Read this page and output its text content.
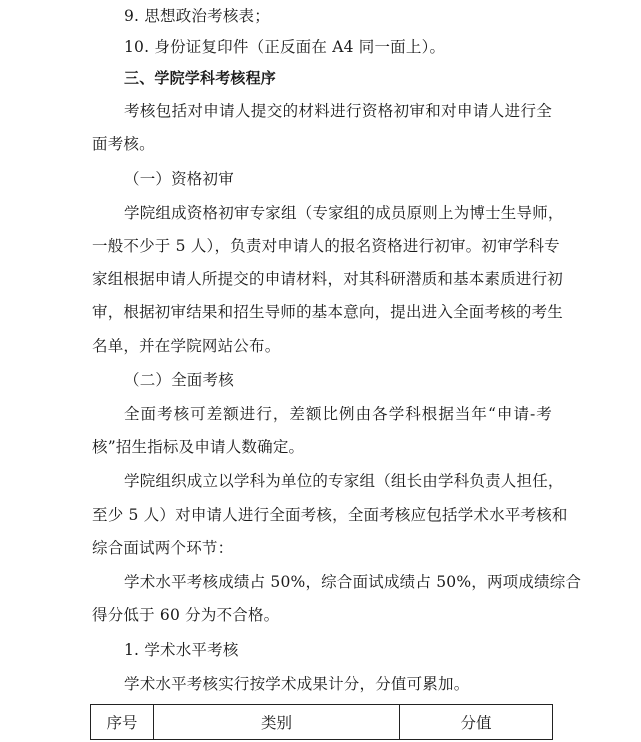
9. 思想政治考核表；
10. 身份证复印件（正反面在 A4 同一面上）。
三、学院学科考核程序
考核包括对申请人提交的材料进行资格初审和对申请人进行全
面考核。
（一）资格初审
学院组成资格初审专家组（专家组的成员原则上为博士生导师，
一般不少于 5 人），负责对申请人的报名资格进行初审。初审学科专
家组根据申请人所提交的申请材料，对其科研潜质和基本素质进行初
审，根据初审结果和招生导师的基本意向，提出进入全面考核的考生
名单，并在学院网站公布。
（二）全面考核
全面考核可差额进行，差额比例由各学科根据当年“申请-考
核”招生指标及申请人数确定。
学院组织成立以学科为单位的专家组（组长由学科负责人担任，
至少 5 人）对申请人进行全面考核，全面考核应包括学术水平考核和
综合面试两个环节：
学术水平考核成绩占 50%，综合面试成绩占 50%，两项成绩综合
得分低于 60 分为不合格。
1. 学术水平考核
学术水平考核实行按学术成果计分，分值可累加。
序号	类别	分值
